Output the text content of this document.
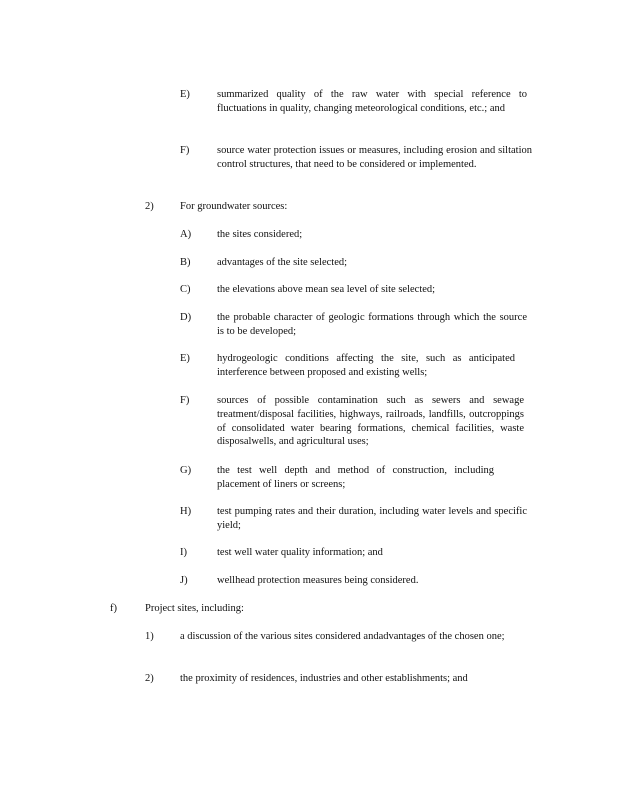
E)	summarized quality of the raw water with special reference to fluctuations in quality, changing meteorological conditions, etc.; and
F)	source water protection issues or measures, including erosion and siltation control structures, that need to be considered or implemented.
2)	For groundwater sources:
A) the sites considered;
B)	advantages of the site selected;
C)	the elevations above mean sea level of site selected;
D) the probable character of geologic formations through which the source is to be developed;
E)	hydrogeologic conditions affecting the site, such as anticipated interference between proposed and existing wells;
F)	sources of possible contamination such as sewers and sewage treatment/disposal facilities, highways, railroads, landfills, outcroppings of consolidated water bearing formations, chemical facilities, waste disposalwells, and agricultural uses;
G) the test well depth and method of construction, including placement of liners or screens;
H) test pumping rates and their duration, including water levels and specific yield;
I)	test well water quality information; and
J)	wellhead protection measures being considered.
f)	Project sites, including:
1)	a discussion of the various sites considered andadvantages of the chosen one;
2)	the proximity of residences, industries and other establishments; and
